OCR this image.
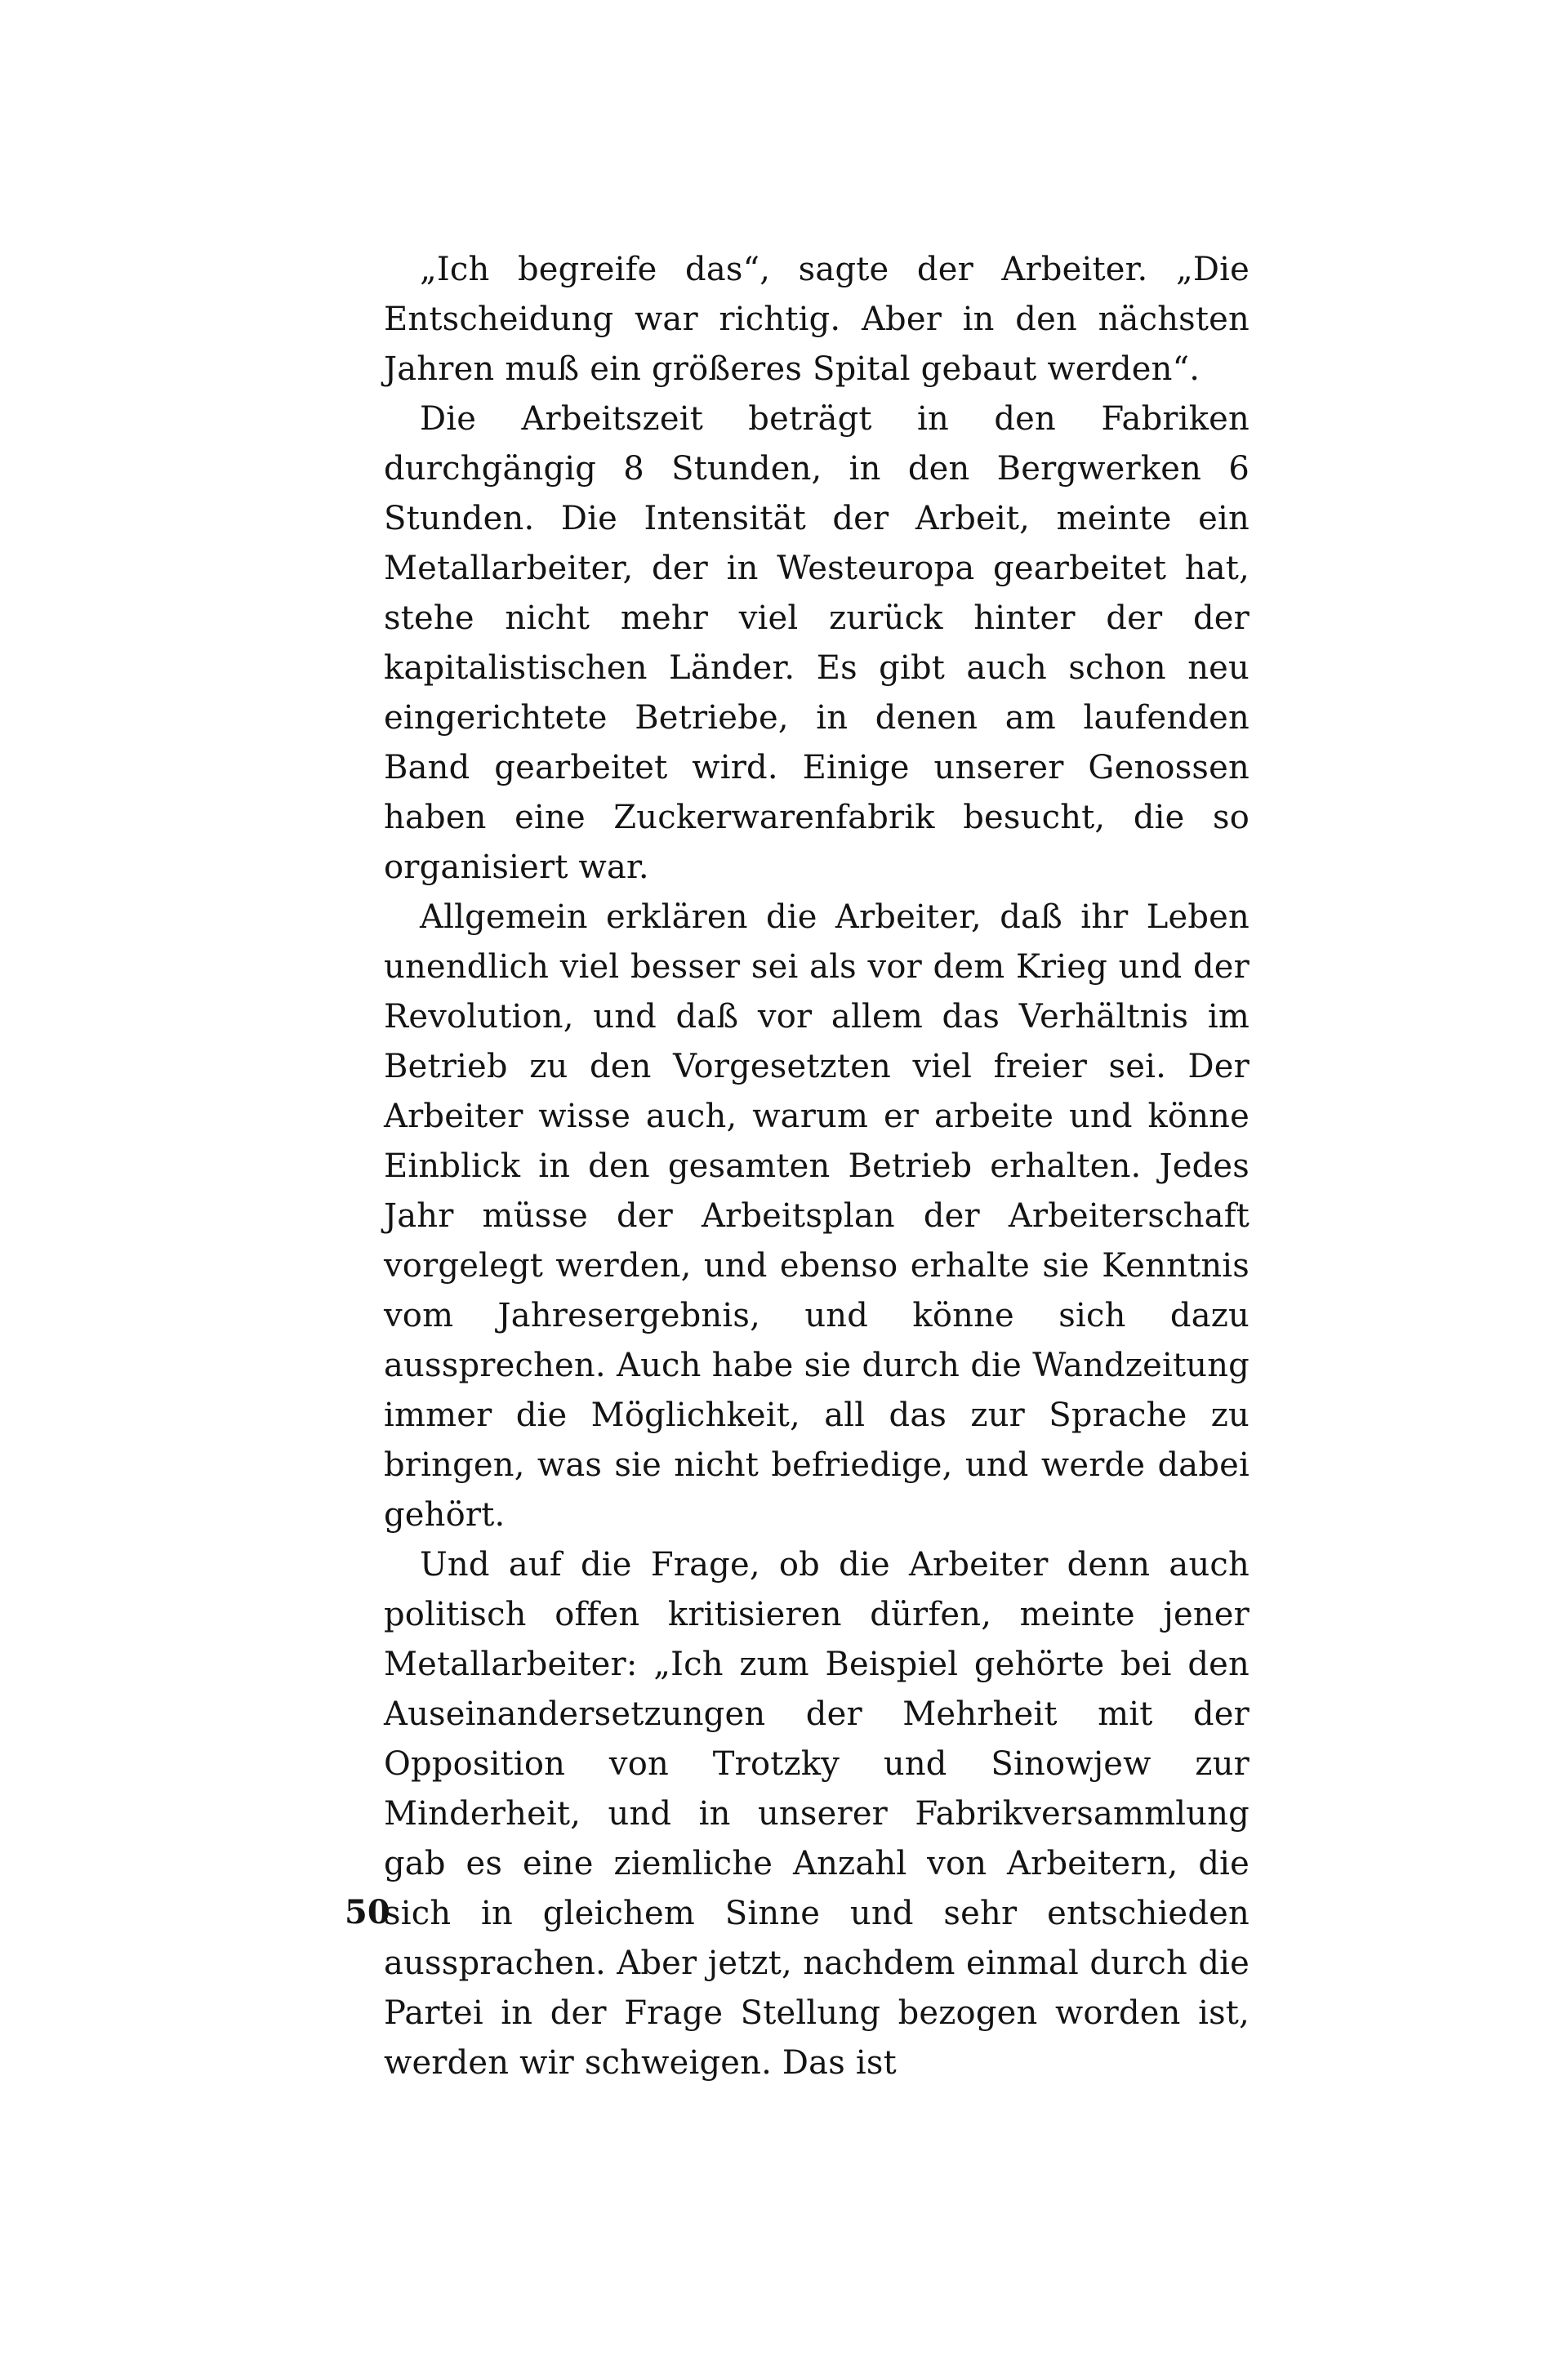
„Ich begreife das“, sagte der Arbeiter. „Die Entscheidung war richtig. Aber in den nächsten Jahren muß ein größeres Spital gebaut werden“.

Die Arbeitszeit beträgt in den Fabriken durchgängig 8 Stunden, in den Bergwerken 6 Stunden. Die Intensität der Arbeit, meinte ein Metallarbeiter, der in Westeuropa gearbeitet hat, stehe nicht mehr viel zurück hinter der der kapitalistischen Länder. Es gibt auch schon neu eingerichtete Betriebe, in denen am laufenden Band gearbeitet wird. Einige unserer Genossen haben eine Zuckerwarenfabrik besucht, die so organisiert war.

Allgemein erklären die Arbeiter, daß ihr Leben unendlich viel besser sei als vor dem Krieg und der Revolution, und daß vor allem das Verhältnis im Betrieb zu den Vorgesetzten viel freier sei. Der Arbeiter wisse auch, warum er arbeite und könne Einblick in den gesamten Betrieb erhalten. Jedes Jahr müsse der Arbeitsplan der Arbeiterschaft vorgelegt werden, und ebenso erhalte sie Kenntnis vom Jahresergebnis, und könne sich dazu aussprechen. Auch habe sie durch die Wandzeitung immer die Möglichkeit, all das zur Sprache zu bringen, was sie nicht befriedige, und werde dabei gehört.

Und auf die Frage, ob die Arbeiter denn auch politisch offen kritisieren dürfen, meinte jener Metallarbeiter: „Ich zum Beispiel gehörte bei den Auseinandersetzungen der Mehrheit mit der Opposition von Trotzky und Sinowjew zur Minderheit, und in unserer Fabrikversammlung gab es eine ziemliche Anzahl von Arbeitern, die sich in gleichem Sinne und sehr entschieden aussprachen. Aber jetzt, nachdem einmal durch die Partei in der Frage Stellung bezogen worden ist, werden wir schweigen. Das ist

50
